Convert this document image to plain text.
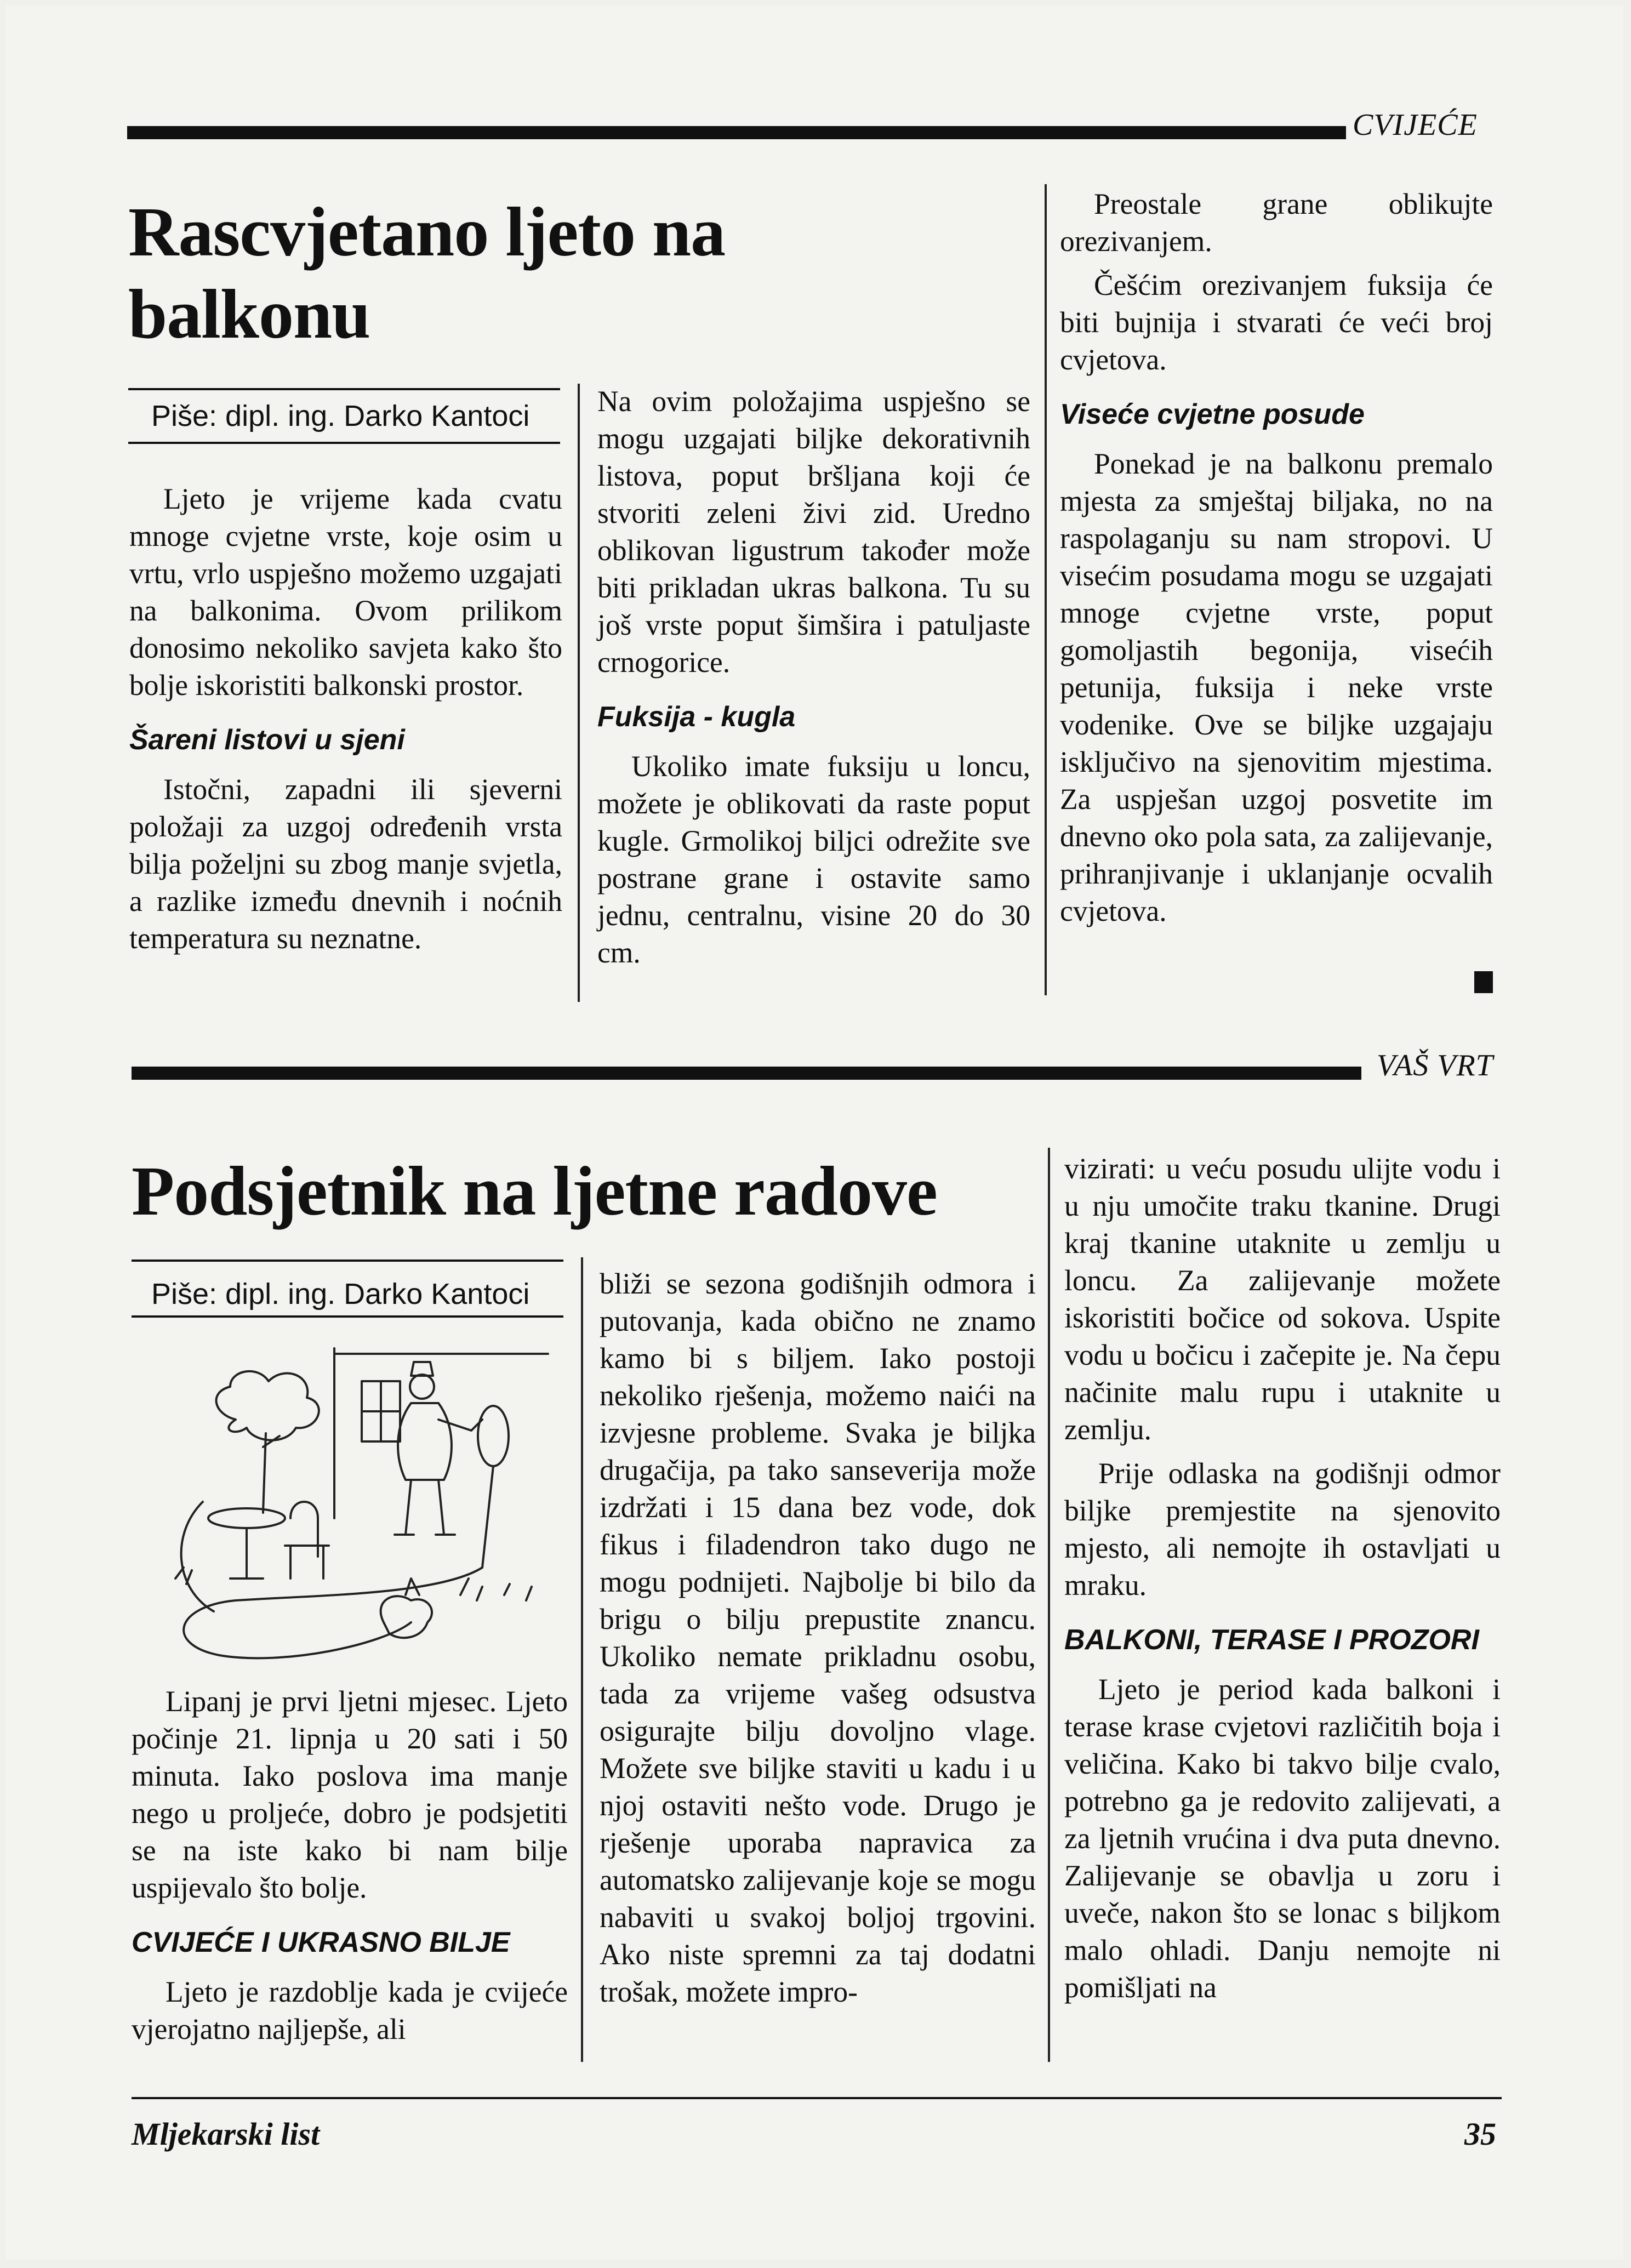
CVIJEĆE
Rascvjetano ljeto na
balkonu
Piše: dipl. ing. Darko Kantoci

Ljeto je vrijeme kada cvatu mnoge cvjetne vrste, koje osim u vrtu, vrlo uspješno možemo uzgajati na balkonima. Ovom prilikom donosimo nekoliko savjeta kako što bolje iskoristiti balkonski prostor.

Šareni listovi u sjeni

Istočni, zapadni ili sjeverni položaji za uzgoj određenih vrsta bilja poželjni su zbog manje svjetla, a razlike između dnevnih i noćnih temperatura su neznatne.

Na ovim položajima uspješno se mogu uzgajati biljke dekorativnih listova, poput bršljana koji će stvoriti zeleni živi zid. Uredno oblikovan ligustrum također može biti prikladan ukras balkona. Tu su još vrste poput šimšira i patuljaste crnogorice.

Fuksija - kugla

Ukoliko imate fuksiju u loncu, možete je oblikovati da raste poput kugle. Grmolikoj biljci odrežite sve postrane grane i ostavite samo jednu, centralnu, visine 20 do 30 cm.

Preostale grane oblikujte orezivanjem.

Češćim orezivanjem fuksija će biti bujnija i stvarati će veći broj cvjetova.

Viseće cvjetne posude

Ponekad je na balkonu premalo mjesta za smještaj biljaka, no na raspolaganju su nam stropovi. U visećim posudama mogu se uzgajati mnoge cvjetne vrste, poput gomoljastih begonija, visećih petunija, fuksija i neke vrste vodenike. Ove se biljke uzgajaju isključivo na sjenovitim mjestima. Za uspješan uzgoj posvetite im dnevno oko pola sata, za zalijevanje, prihranjivanje i uklanjanje ocvalih cvjetova.

VAŠ VRT
Podsjetnik na ljetne radove
Piše: dipl. ing. Darko Kantoci

Lipanj je prvi ljetni mjesec. Ljeto počinje 21. lipnja u 20 sati i 50 minuta. Iako poslova ima manje nego u proljeće, dobro je podsjetiti se na iste kako bi nam bilje uspijevalo što bolje.

CVIJEĆE I UKRASNO BILJE

Ljeto je razdoblje kada je cvijeće vjerojatno najljepše, ali

bliži se sezona godišnjih odmora i putovanja, kada obično ne znamo kamo bi s biljem. Iako postoji nekoliko rješenja, možemo naići na izvjesne probleme. Svaka je biljka drugačija, pa tako sanseverija može izdržati i 15 dana bez vode, dok fikus i filadendron tako dugo ne mogu podnijeti. Najbolje bi bilo da brigu o bilju prepustite znancu. Ukoliko nemate prikladnu osobu, tada za vrijeme vašeg odsustva osigurajte bilju dovoljno vlage. Možete sve biljke staviti u kadu i u njoj ostaviti nešto vode. Drugo je rješenje uporaba napravica za automatsko zalijevanje koje se mogu nabaviti u svakoj boljoj trgovini. Ako niste spremni za taj dodatni trošak, možete impro-

vizirati: u veću posudu ulijte vodu i u nju umočite traku tkanine. Drugi kraj tkanine utaknite u zemlju u loncu. Za zalijevanje možete iskoristiti bočice od sokova. Uspite vodu u bočicu i začepite je. Na čepu načinite malu rupu i utaknite u zemlju.

Prije odlaska na godišnji odmor biljke premjestite na sjenovito mjesto, ali nemojte ih ostavljati u mraku.

BALKONI, TERASE I PROZORI

Ljeto je period kada balkoni i terase krase cvjetovi različitih boja i veličina. Kako bi takvo bilje cvalo, potrebno ga je redovito zalijevati, a za ljetnih vrućina i dva puta dnevno. Zalijevanje se obavlja u zoru i uveče, nakon što se lonac s biljkom malo ohladi. Danju nemojte ni pomišljati na

Mljekarski list	35
